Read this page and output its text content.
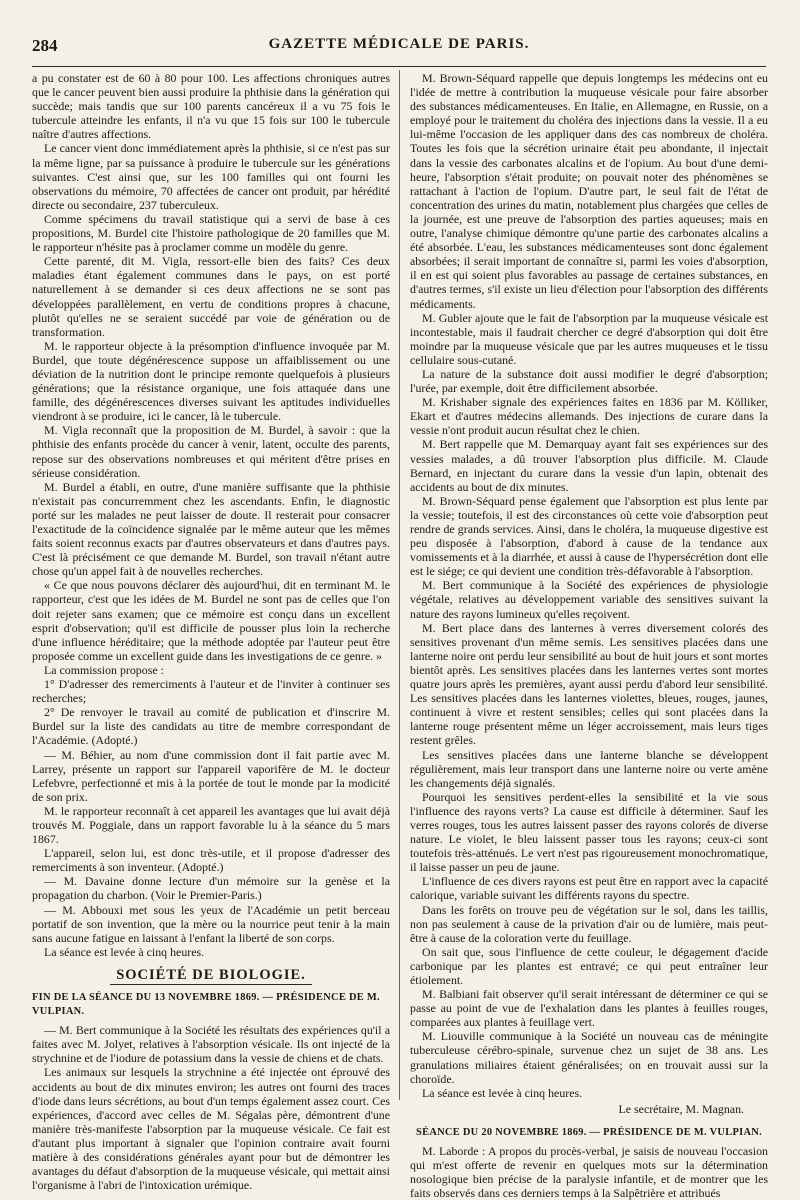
284	GAZETTE MÉDICALE DE PARIS.

a pu constater est de 60 à 80 pour 100. Les affections chroniques autres que le cancer peuvent bien aussi produire la phthisie dans la génération qui succède; mais tandis que sur 100 parents cancéreux il a vu 75 fois le tubercule atteindre les enfants, il n'a vu que 15 fois sur 100 le tubercule naître d'autres affections.

Le cancer vient donc immédiatement après la phthisie, si ce n'est pas sur la même ligne, par sa puissance à produire le tubercule sur les générations suivantes. C'est ainsi que, sur les 100 familles qui ont fourni les observations du mémoire, 70 affectées de cancer ont produit, par hérédité directe ou secondaire, 237 tuberculeux.

Comme spécimens du travail statistique qui a servi de base à ces propositions, M. Burdel cite l'histoire pathologique de 20 familles que M. le rapporteur n'hésite pas à proclamer comme un modèle du genre.

Cette parenté, dit M. Vigla, ressort-elle bien des faits? Ces deux maladies étant également communes dans le pays, on est porté naturellement à se demander si ces deux affections ne se sont pas développées parallèlement, en vertu de conditions propres à chacune, plutôt qu'elles ne se seraient succédé par voie de génération ou de transformation.

M. le rapporteur objecte à la présomption d'influence invoquée par M. Burdel, que toute dégénérescence suppose un affaiblissement ou une déviation de la nutrition dont le principe remonte quelquefois à plusieurs générations; que la résistance organique, une fois attaquée dans une famille, des dégénérescences diverses suivant les aptitudes individuelles viendront à se produire, ici le cancer, là le tubercule.

M. Vigla reconnaît que la proposition de M. Burdel, à savoir : que la phthisie des enfants procède du cancer à venir, latent, occulte des parents, repose sur des observations nombreuses et qui méritent d'être prises en sérieuse considération.

M. Burdel a établi, en outre, d'une manière suffisante que la phthisie n'existait pas concurremment chez les ascendants. Enfin, le diagnostic porté sur les malades ne peut laisser de doute. Il resterait pour consacrer l'exactitude de la coïncidence signalée par le même auteur que les mêmes faits soient reconnus exacts par d'autres observateurs et dans d'autres pays. C'est là précisément ce que demande M. Burdel, son travail n'étant autre chose qu'un appel fait à de nouvelles recherches.

« Ce que nous pouvons déclarer dès aujourd'hui, dit en terminant M. le rapporteur, c'est que les idées de M. Burdel ne sont pas de celles que l'on doit rejeter sans examen; que ce mémoire est conçu dans un excellent esprit d'observation; qu'il est difficile de pousser plus loin la recherche d'une influence héréditaire; que la méthode adoptée par l'auteur peut être proposée comme un excellent guide dans les investigations de ce genre. »

La commission propose :

1° D'adresser des remerciments à l'auteur et de l'inviter à continuer ses recherches;

2° De renvoyer le travail au comité de publication et d'inscrire M. Burdel sur la liste des candidats au titre de membre correspondant de l'Académie. (Adopté.)

— M. Béhier, au nom d'une commission dont il fait partie avec M. Larrey, présente un rapport sur l'appareil vaporifère de M. le docteur Lefebvre, perfectionné et mis à la portée de tout le monde par la modicité de son prix.

M. le rapporteur reconnaît à cet appareil les avantages que lui avait déjà trouvés M. Poggiale, dans un rapport favorable lu à la séance du 5 mars 1867.

L'appareil, selon lui, est donc très-utile, et il propose d'adresser des remerciments à son inventeur. (Adopté.)

— M. Davaine donne lecture d'un mémoire sur la genèse et la propagation du charbon. (Voir le Premier-Paris.)

— M. Abbouxi met sous les yeux de l'Académie un petit berceau portatif de son invention, que la mère ou la nourrice peut tenir à la main sans aucune fatigue en laissant à l'enfant la liberté de son corps.

La séance est levée à cinq heures.

SOCIÉTÉ DE BIOLOGIE.

FIN DE LA SÉANCE DU 13 NOVEMBRE 1869. — PRÉSIDENCE DE M. VULPIAN.

— M. Bert communique à la Société les résultats des expériences qu'il a faites avec M. Jolyet, relatives à l'absorption vésicale. Ils ont injecté de la strychnine et de l'iodure de potassium dans la vessie de chiens et de chats.

Les animaux sur lesquels la strychnine a été injectée ont éprouvé des accidents au bout de dix minutes environ; les autres ont fourni des traces d'iode dans leurs sécrétions, au bout d'un temps également assez court. Ces expériences, d'accord avec celles de M. Ségalas père, démontrent d'une manière très-manifeste l'absorption par la muqueuse vésicale. Ce fait est d'autant plus important à signaler que l'opinion contraire avait fourni matière à des considérations générales ayant pour but de démontrer les avantages du défaut d'absorption de la muqueuse vésicale, qui mettait ainsi l'organisme à l'abri de l'intoxication urémique.

M. Brown-Séquard rappelle que depuis longtemps les médecins ont eu l'idée de mettre à contribution la muqueuse vésicale pour faire absorber des substances médicamenteuses. En Italie, en Allemagne, en Russie, on a employé pour le traitement du choléra des injections dans la vessie. Il a eu lui-même l'occasion de les appliquer dans des cas nombreux de choléra. Toutes les fois que la sécrétion urinaire était peu abondante, il injectait dans la vessie des carbonates alcalins et de l'opium. Au bout d'une demi-heure, l'absorption s'était produite; on pouvait noter des phénomènes se rattachant à l'action de l'opium. D'autre part, le seul fait de l'état de concentration des urines du matin, notablement plus chargées que celles de la journée, est une preuve de l'absorption des parties aqueuses; mais en outre, l'analyse chimique démontre qu'une partie des carbonates alcalins a été absorbée. L'eau, les substances médicamenteuses sont donc également absorbées; il serait important de connaître si, parmi les voies d'absorption, il en est qui soient plus favorables au passage de certaines substances, en d'autres termes, s'il existe un lieu d'élection pour l'absorption des différents médicaments.

M. Gubler ajoute que le fait de l'absorption par la muqueuse vésicale est incontestable, mais il faudrait chercher ce degré d'absorption qui doit être moindre par la muqueuse vésicale que par les autres muqueuses et le tissu cellulaire sous-cutané.

La nature de la substance doit aussi modifier le degré d'absorption; l'urée, par exemple, doit être difficilement absorbée.

M. Krishaber signale des expériences faites en 1836 par M. Kölliker, Ekart et d'autres médecins allemands. Des injections de curare dans la vessie n'ont produit aucun résultat chez le chien.

M. Bert rappelle que M. Demarquay ayant fait ses expériences sur des vessies malades, a dû trouver l'absorption plus difficile. M. Claude Bernard, en injectant du curare dans la vessie d'un lapin, obtenait des accidents au bout de dix minutes.

M. Brown-Séquard pense également que l'absorption est plus lente par la vessie; toutefois, il est des circonstances où cette voie d'absorption peut rendre de grands services. Ainsi, dans le choléra, la muqueuse digestive est peu disposée à l'absorption, d'abord à cause de la tendance aux vomissements et à la diarrhée, et aussi à cause de l'hypersécrétion dont elle est le siége; ce qui devient une condition très-défavorable à l'absorption.

M. Bert communique à la Société des expériences de physiologie végétale, relatives au développement variable des sensitives suivant la nature des rayons lumineux qu'elles reçoivent.

M. Bert place dans des lanternes à verres diversement colorés des sensitives provenant d'un même semis. Les sensitives placées dans une lanterne noire ont perdu leur sensibilité au bout de huit jours et sont mortes bientôt après. Les sensitives placées dans les lanternes vertes sont mortes quatre jours après les premières, ayant aussi perdu d'abord leur sensibilité. Les sensitives placées dans les lanternes violettes, bleues, rouges, jaunes, continuent à vivre et restent sensibles; celles qui sont placées dans la lanterne rouge présentent même un léger accroissement, mais leurs tiges restent grêles.

Les sensitives placées dans une lanterne blanche se développent régulièrement, mais leur transport dans une lanterne noire ou verte amène les changements déjà signalés.

Pourquoi les sensitives perdent-elles la sensibilité et la vie sous l'influence des rayons verts? La cause est difficile à déterminer. Sauf les verres rouges, tous les autres laissent passer des rayons colorés de diverse nature. Le violet, le bleu laissent passer tous les rayons; ceux-ci sont toutefois très-atténués. Le vert n'est pas rigoureusement monochromatique, il laisse passer un peu de jaune.

L'influence de ces divers rayons est peut être en rapport avec la capacité calorique, variable suivant les différents rayons du spectre.

Dans les forêts on trouve peu de végétation sur le sol, dans les taillis, non pas seulement à cause de la privation d'air ou de lumière, mais peut-être à cause de la coloration verte du feuillage.

On sait que, sous l'influence de cette couleur, le dégagement d'acide carbonique par les plantes est entravé; ce qui peut entraîner leur étiolement.

M. Balbiani fait observer qu'il serait intéressant de déterminer ce qui se passe au point de vue de l'exhalation dans les plantes à feuilles rouges, comparées aux plantes à feuillage vert.

M. Liouville communique à la Société un nouveau cas de méningite tuberculeuse cérébro-spinale, survenue chez un sujet de 38 ans. Les granulations miliaires étaient généralisées; on en trouvait aussi sur la choroïde.

La séance est levée à cinq heures.

Le secrétaire, M. Magnan.

SÉANCE DU 20 NOVEMBRE 1869. — PRÉSIDENCE DE M. VULPIAN.

M. Laborde : A propos du procès-verbal, je saisis de nouveau l'occasion qui m'est offerte de revenir en quelques mots sur la détermination nosologique bien précise de la paralysie infantile, et de montrer que les faits observés dans ces derniers temps à la Salpêtrière et attribués
